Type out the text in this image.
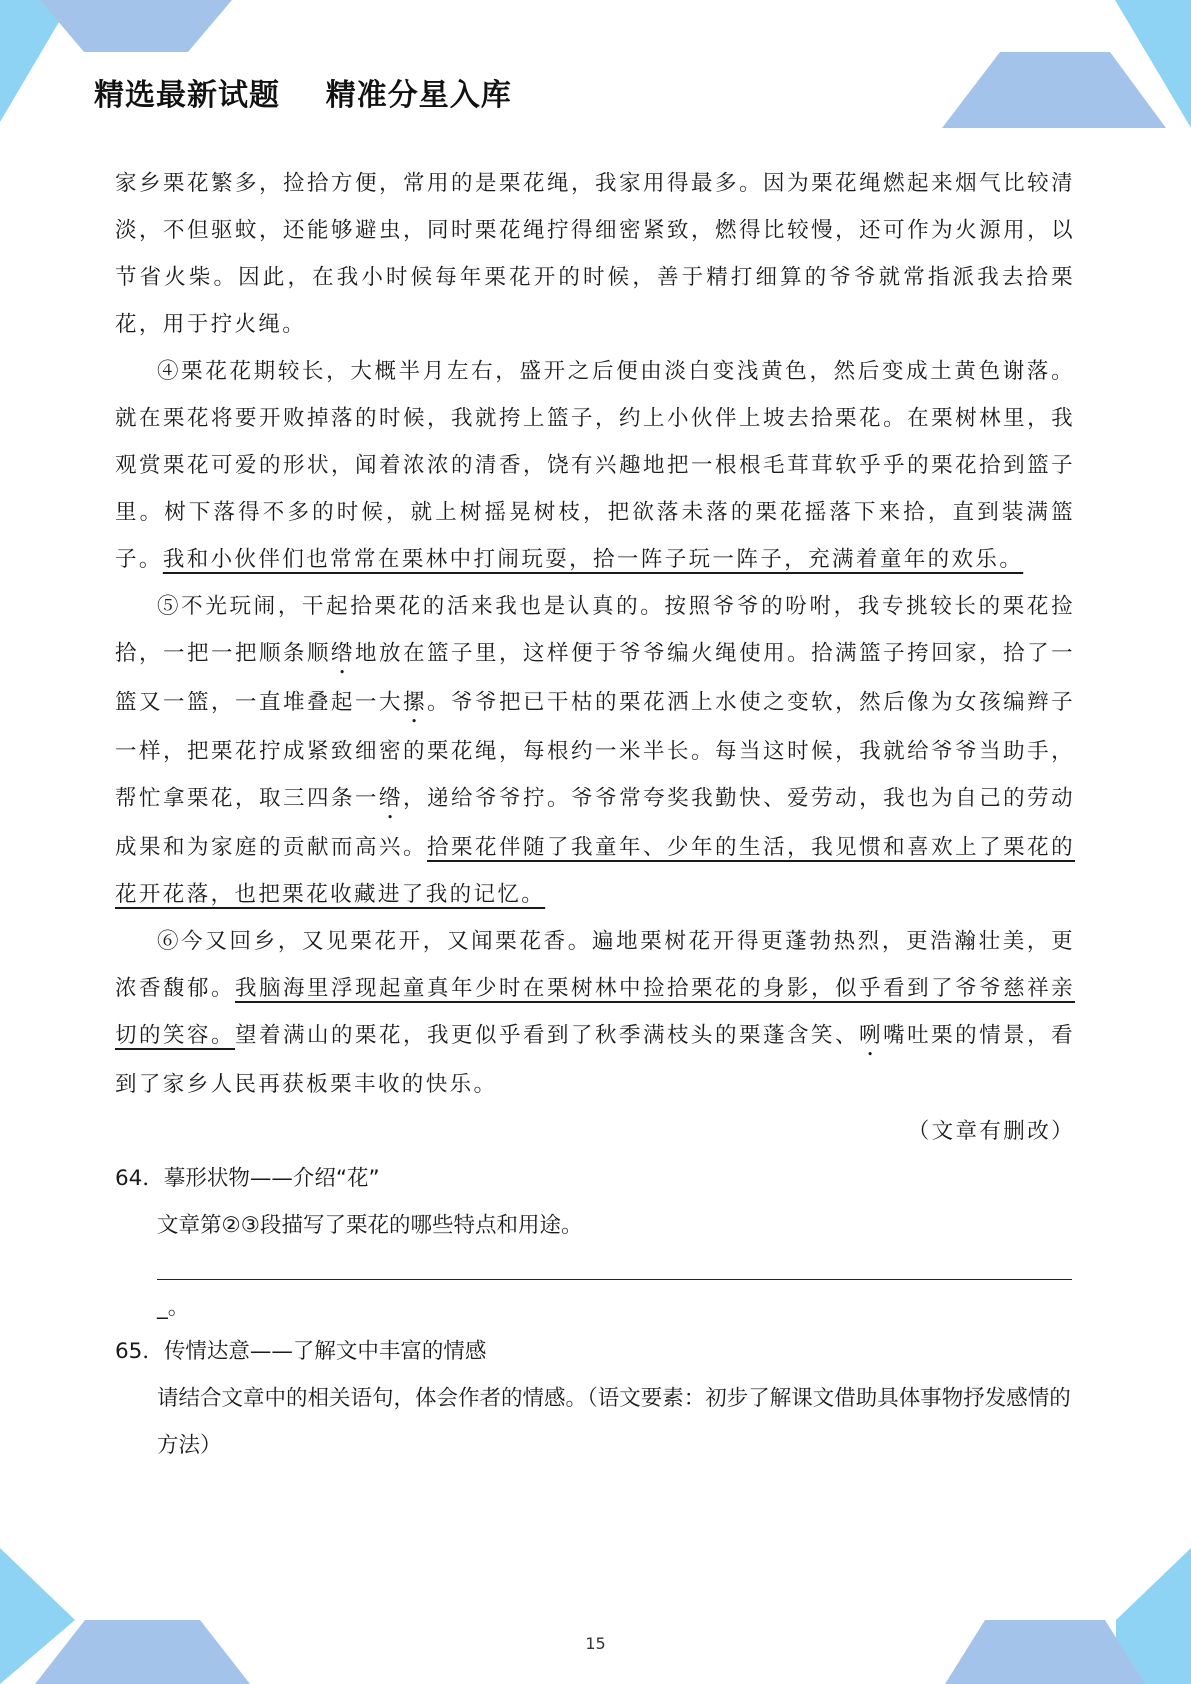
精选最新试题    精准分星入库

家乡栗花繁多，捡拾方便，常用的是栗花绳，我家用得最多。因为栗花绳燃起来烟气比较清淡，不但驱蚊，还能够避虫，同时栗花绳拧得细密紧致，燃得比较慢，还可作为火源用，以节省火柴。因此，在我小时候每年栗花开的时候，善于精打细算的爷爷就常指派我去拾栗花，用于拧火绳。

④栗花花期较长，大概半月左右，盛开之后便由淡白变浅黄色，然后变成土黄色谢落。就在栗花将要开败掉落的时候，我就挎上篮子，约上小伙伴上坡去拾栗花。在栗树林里，我观赏栗花可爱的形状，闻着浓浓的清香，饶有兴趣地把一根根毛茸茸软乎乎的栗花拾到篮子里。树下落得不多的时候，就上树摇晃树枝，把欲落未落的栗花摇落下来拾，直到装满篮子。我和小伙伴们也常常在栗林中打闹玩耍，拾一阵子玩一阵子，充满着童年的欢乐。

⑤不光玩闹，干起拾栗花的活来我也是认真的。按照爷爷的吩咐，我专挑较长的栗花捡拾，一把一把顺条顺绺地放在篮子里，这样便于爷爷编火绳使用。拾满篮子挎回家，拾了一篮又一篮，一直堆叠起一大摞。爷爷把已干枯的栗花洒上水使之变软，然后像为女孩编辫子一样，把栗花拧成紧致细密的栗花绳，每根约一米半长。每当这时候，我就给爷爷当助手，帮忙拿栗花，取三四条一绺，递给爷爷拧。爷爷常夸奖我勤快、爱劳动，我也为自己的劳动成果和为家庭的贡献而高兴。拾栗花伴随了我童年、少年的生活，我见惯和喜欢上了栗花的花开花落，也把栗花收藏进了我的记忆。

⑥今又回乡，又见栗花开，又闻栗花香。遍地栗树花开得更蓬勃热烈，更浩瀚壮美，更浓香馥郁。我脑海里浮现起童真年少时在栗树林中捡拾栗花的身影，似乎看到了爷爷慈祥亲切的笑容。望着满山的栗花，我更似乎看到了秋季满枝头的栗蓬含笑、咧嘴吐栗的情景，看到了家乡人民再获板栗丰收的快乐。

（文章有删改）

64．摹形状物——介绍“花”

文章第②③段描写了栗花的哪些特点和用途。

_。

65．传情达意——了解文中丰富的情感

请结合文章中的相关语句，体会作者的情感。（语文要素：初步了解课文借助具体事物抒发感情的方法）

15
